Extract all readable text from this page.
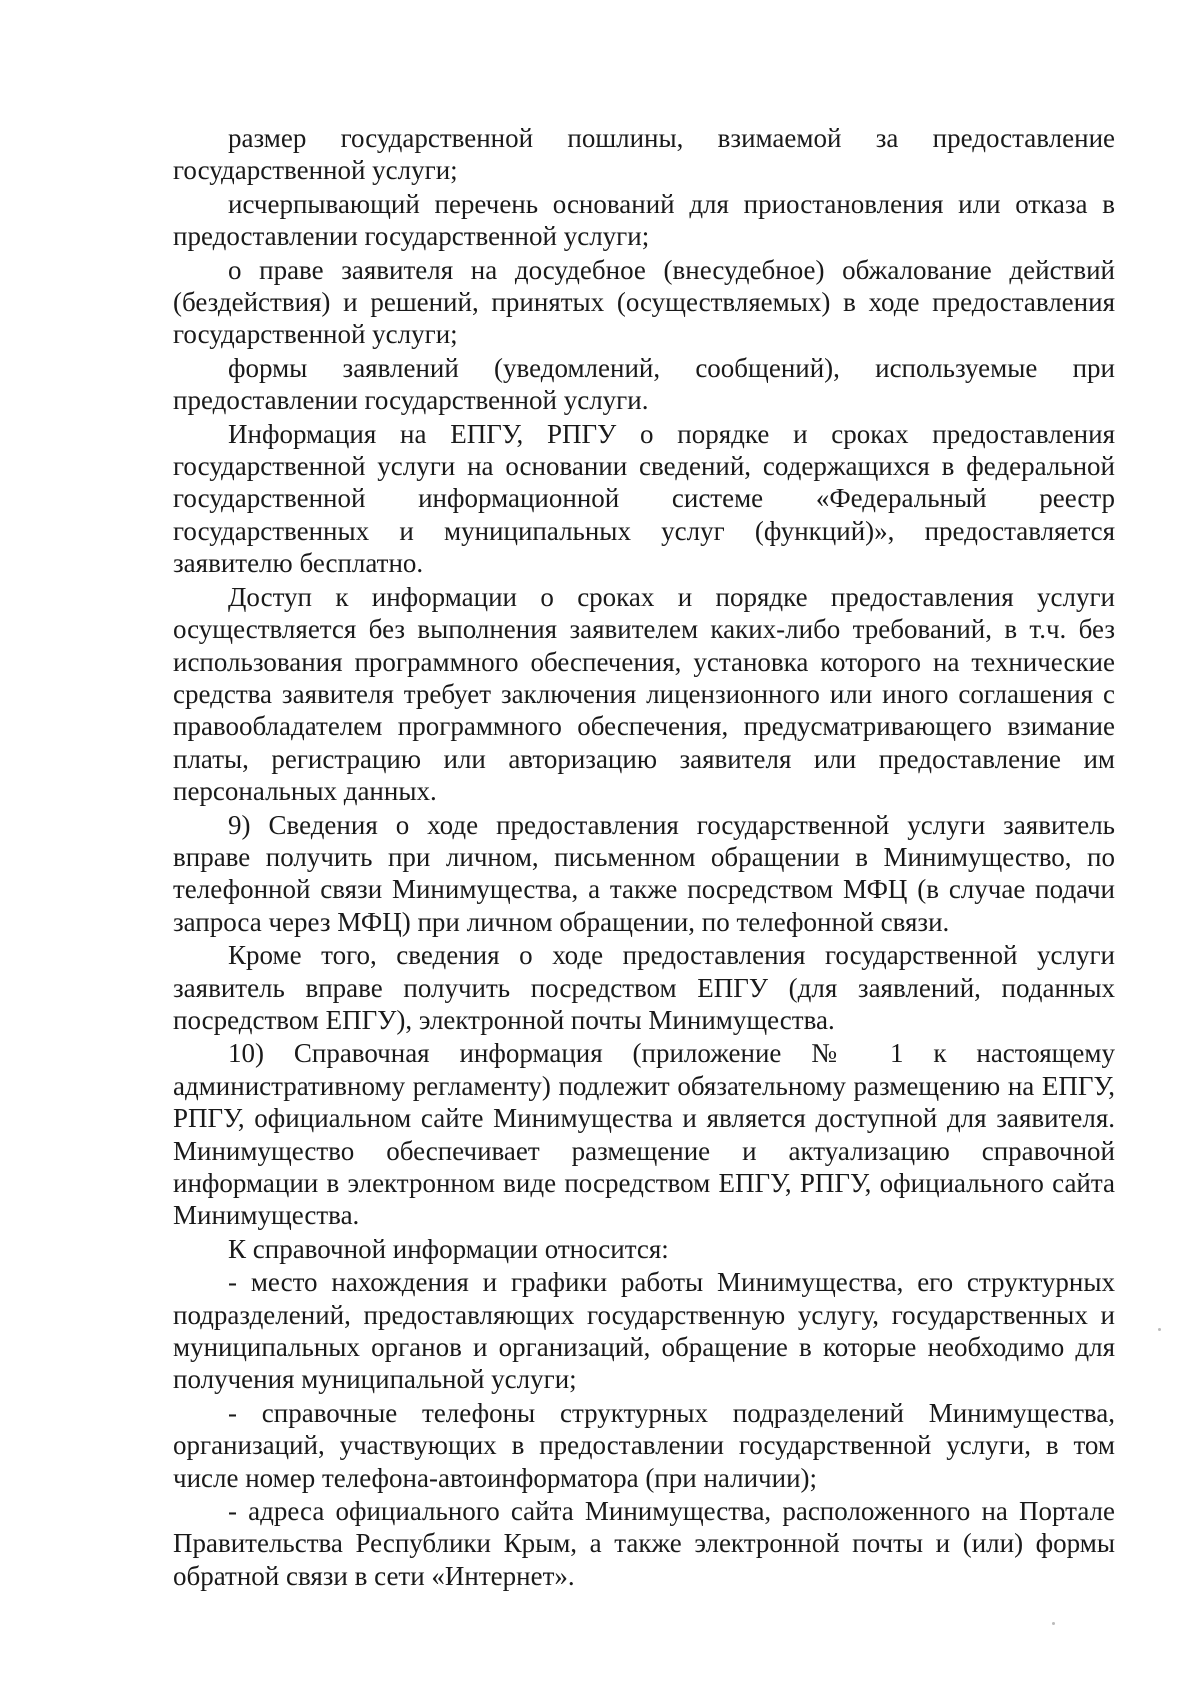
размер государственной пошлины, взимаемой за предоставление государственной услуги;

исчерпывающий перечень оснований для приостановления или отказа в предоставлении государственной услуги;

о праве заявителя на досудебное (внесудебное) обжалование действий (бездействия) и решений, принятых (осуществляемых) в ходе предоставления государственной услуги;

формы заявлений (уведомлений, сообщений), используемые при предоставлении государственной услуги.

Информация на ЕПГУ, РПГУ о порядке и сроках предоставления государственной услуги на основании сведений, содержащихся в федеральной государственной информационной системе «Федеральный реестр государственных и муниципальных услуг (функций)», предоставляется заявителю бесплатно.

Доступ к информации о сроках и порядке предоставления услуги осуществляется без выполнения заявителем каких-либо требований, в т.ч. без использования программного обеспечения, установка которого на технические средства заявителя требует заключения лицензионного или иного соглашения с правообладателем программного обеспечения, предусматривающего взимание платы, регистрацию или авторизацию заявителя или предоставление им персональных данных.

9) Сведения о ходе предоставления государственной услуги заявитель вправе получить при личном, письменном обращении в Минимущество, по телефонной связи Минимущества, а также посредством МФЦ (в случае подачи запроса через МФЦ) при личном обращении, по телефонной связи.

Кроме того, сведения о ходе предоставления государственной услуги заявитель вправе получить посредством ЕПГУ (для заявлений, поданных посредством ЕПГУ), электронной почты Минимущества.

10) Справочная информация (приложение № 1 к настоящему административному регламенту) подлежит обязательному размещению на ЕПГУ, РПГУ, официальном сайте Минимущества и является доступной для заявителя. Минимущество обеспечивает размещение и актуализацию справочной информации в электронном виде посредством ЕПГУ, РПГУ, официального сайта Минимущества.

К справочной информации относится:

- место нахождения и графики работы Минимущества, его структурных подразделений, предоставляющих государственную услугу, государственных и муниципальных органов и организаций, обращение в которые необходимо для получения муниципальной услуги;

- справочные телефоны структурных подразделений Минимущества, организаций, участвующих в предоставлении государственной услуги, в том числе номер телефона-автоинформатора (при наличии);

- адреса официального сайта Минимущества, расположенного на Портале Правительства Республики Крым, а также электронной почты и (или) формы обратной связи в сети «Интернет».
